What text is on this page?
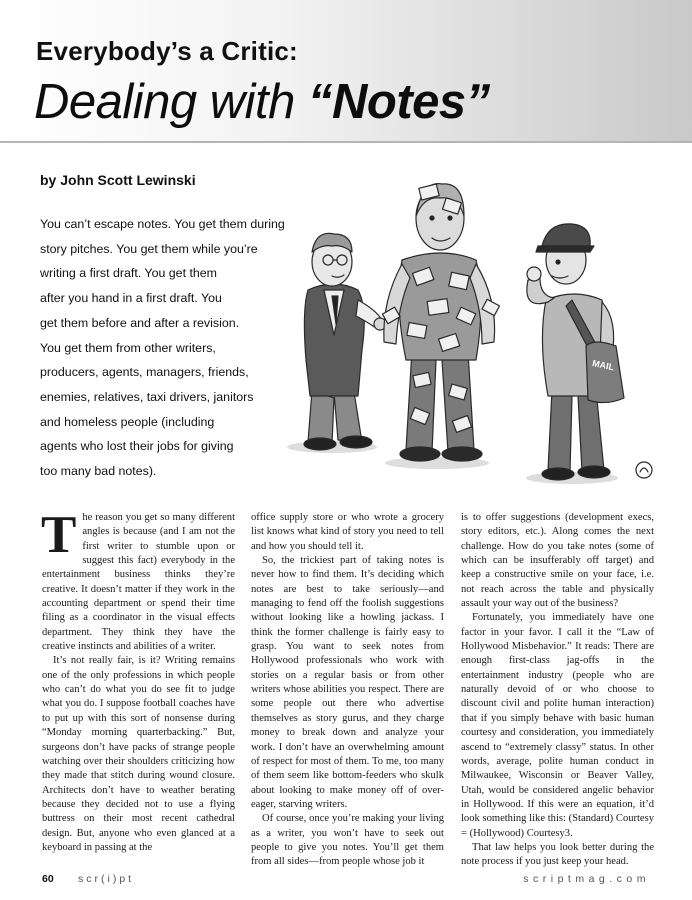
Everybody’s a Critic:
Dealing with “Notes”
by John Scott Lewinski
You can’t escape notes. You get them during
story pitches. You get them while you’re
writing a first draft. You get them
after you hand in a first draft. You
get them before and after a revision.
You get them from other writers,
producers, agents, managers, friends,
enemies, relatives, taxi drivers, janitors
and homeless people (including
agents who lost their jobs for giving
too many bad notes).
MAIL

The reason you get so many different angles is because (and I am not the first writer to stumble upon or suggest this fact) everybody in the entertainment business thinks they’re creative. It doesn’t matter if they work in the accounting department or spend their time filing as a coordinator in the visual effects department. They think they have the creative instincts and abilities of a writer.

It’s not really fair, is it? Writing remains one of the only professions in which people who can’t do what you do see fit to judge what you do. I suppose football coaches have to put up with this sort of nonsense during “Monday morning quarterbacking.” But, surgeons don’t have packs of strange people watching over their shoulders criticizing how they made that stitch during wound closure. Architects don’t have to weather berating because they decided not to use a flying buttress on their most recent cathedral design. But, anyone who even glanced at a keyboard in passing at the

office supply store or who wrote a grocery list knows what kind of story you need to tell and how you should tell it.

So, the trickiest part of taking notes is never how to find them. It’s deciding which notes are best to take seriously—and managing to fend off the foolish suggestions without looking like a howling jackass. I think the former challenge is fairly easy to grasp. You want to seek notes from Hollywood professionals who work with stories on a regular basis or from other writers whose abilities you respect. There are some people out there who advertise themselves as story gurus, and they charge money to break down and analyze your work. I don’t have an overwhelming amount of respect for most of them. To me, too many of them seem like bottom-feeders who skulk about looking to make money off of over-eager, starving writers.

Of course, once you’re making your living as a writer, you won’t have to seek out people to give you notes. You’ll get them from all sides—from people whose job it

is to offer suggestions (development execs, story editors, etc.). Along comes the next challenge. How do you take notes (some of which can be insufferably off target) and keep a constructive smile on your face, i.e. not reach across the table and physically assault your way out of the business?

Fortunately, you immediately have one factor in your favor. I call it the “Law of Hollywood Misbehavior.” It reads: There are enough first-class jag-offs in the entertainment industry (people who are naturally devoid of or who choose to discount civil and polite human interaction) that if you simply behave with basic human courtesy and consideration, you immediately ascend to “extremely classy” status. In other words, average, polite human conduct in Milwaukee, Wisconsin or Beaver Valley, Utah, would be considered angelic behavior in Hollywood. If this were an equation, it’d look something like this: (Standard) Courtesy = (Hollywood) Courtesy3.

That law helps you look better during the note process if you just keep your head.

60 scr(i)pt	scriptmag.com
